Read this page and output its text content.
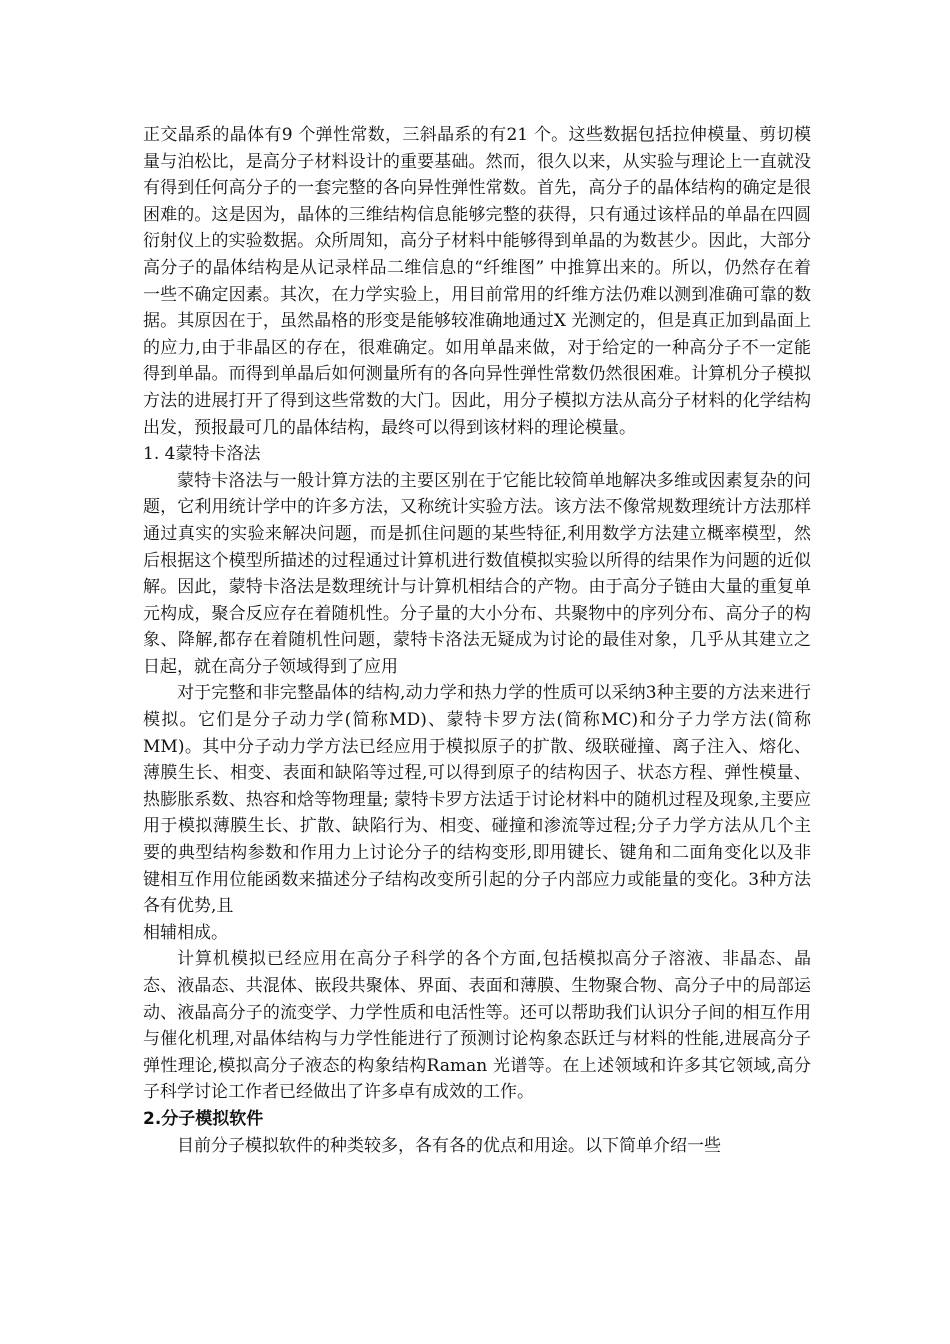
正交晶系的晶体有9 个弹性常数，三斜晶系的有21 个。这些数据包括拉伸模量、剪切模量与泊松比，是高分子材料设计的重要基础。然而，很久以来，从实验与理论上一直就没有得到任何高分子的一套完整的各向异性弹性常数。首先，高分子的晶体结构的确定是很困难的。这是因为，晶体的三维结构信息能够完整的获得，只有通过该样品的单晶在四圆衍射仪上的实验数据。众所周知，高分子材料中能够得到单晶的为数甚少。因此，大部分高分子的晶体结构是从记录样品二维信息的“纤维图” 中推算出来的。所以，仍然存在着一些不确定因素。其次，在力学实验上，用目前常用的纤维方法仍难以测到准确可靠的数据。其原因在于，虽然晶格的形变是能够较准确地通过X 光测定的，但是真正加到晶面上的应力,由于非晶区的存在，很难确定。如用单晶来做，对于给定的一种高分子不一定能得到单晶。而得到单晶后如何测量所有的各向异性弹性常数仍然很困难。计算机分子模拟方法的进展打开了得到这些常数的大门。因此，用分子模拟方法从高分子材料的化学结构出发，预报最可几的晶体结构，最终可以得到该材料的理论模量。

1. 4蒙特卡洛法

蒙特卡洛法与一般计算方法的主要区别在于它能比较简单地解决多维或因素复杂的问题，它利用统计学中的许多方法，又称统计实验方法。该方法不像常规数理统计方法那样通过真实的实验来解决问题，而是抓住问题的某些特征,利用数学方法建立概率模型，然后根据这个模型所描述的过程通过计算机进行数值模拟实验以所得的结果作为问题的近似解。因此，蒙特卡洛法是数理统计与计算机相结合的产物。由于高分子链由大量的重复单元构成，聚合反应存在着随机性。分子量的大小分布、共聚物中的序列分布、高分子的构象、降解,都存在着随机性问题，蒙特卡洛法无疑成为讨论的最佳对象，几乎从其建立之日起，就在高分子领域得到了应用

对于完整和非完整晶体的结构,动力学和热力学的性质可以采纳3种主要的方法来进行模拟。它们是分子动力学(简称MD)、蒙特卡罗方法(简称MC)和分子力学方法(简称MM)。其中分子动力学方法已经应用于模拟原子的扩散、级联碰撞、离子注入、熔化、薄膜生长、相变、表面和缺陷等过程,可以得到原子的结构因子、状态方程、弹性模量、热膨胀系数、热容和焓等物理量; 蒙特卡罗方法适于讨论材料中的随机过程及现象,主要应用于模拟薄膜生长、扩散、缺陷行为、相变、碰撞和渗流等过程;分子力学方法从几个主要的典型结构参数和作用力上讨论分子的结构变形,即用键长、键角和二面角变化以及非键相互作用位能函数来描述分子结构改变所引起的分子内部应力或能量的变化。3种方法各有优势,且

相辅相成。

计算机模拟已经应用在高分子科学的各个方面,包括模拟高分子溶液、非晶态、晶态、液晶态、共混体、嵌段共聚体、界面、表面和薄膜、生物聚合物、高分子中的局部运动、液晶高分子的流变学、力学性质和电活性等。还可以帮助我们认识分子间的相互作用与催化机理,对晶体结构与力学性能进行了预测讨论构象态跃迁与材料的性能,进展高分子弹性理论,模拟高分子液态的构象结构Raman 光谱等。在上述领域和许多其它领域,高分子科学讨论工作者已经做出了许多卓有成效的工作。

2.分子模拟软件

目前分子模拟软件的种类较多，各有各的优点和用途。以下简单介绍一些
